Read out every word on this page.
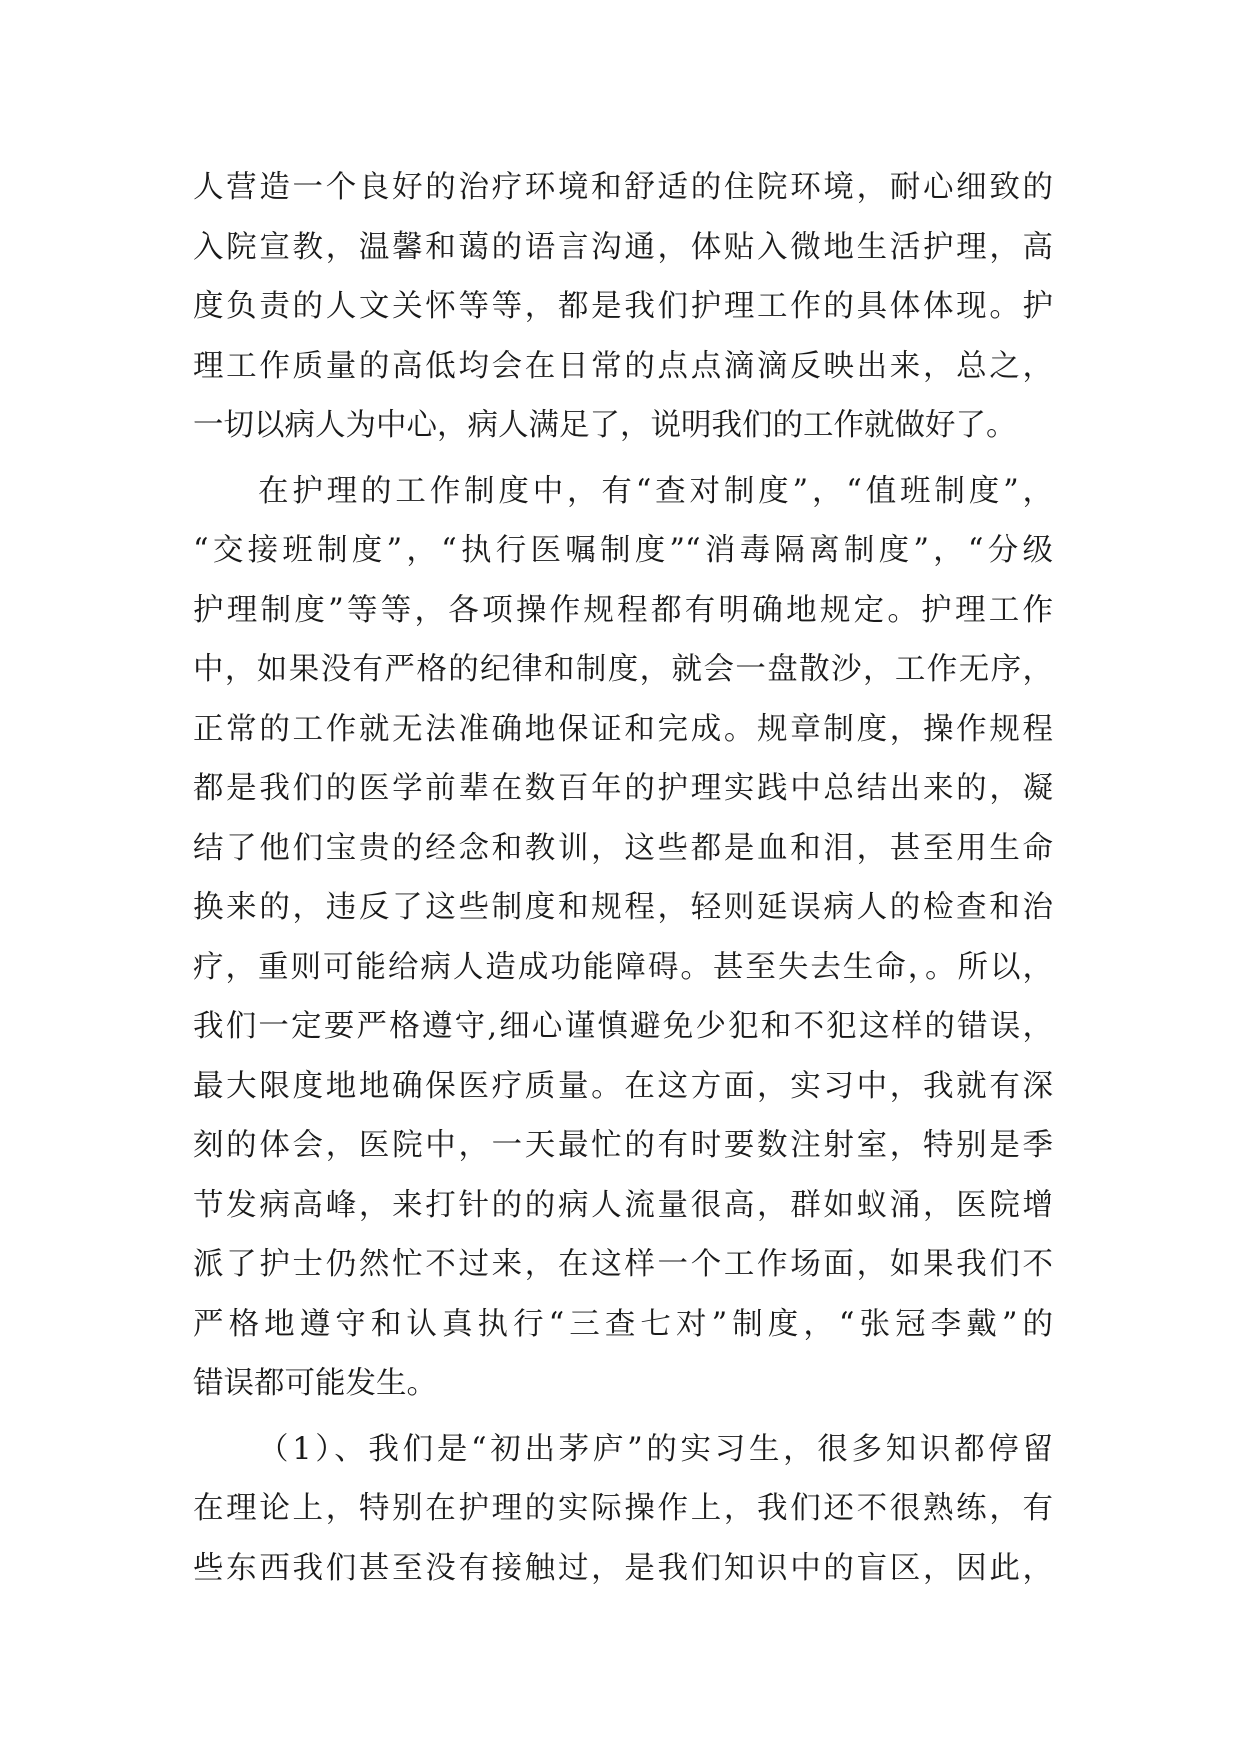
人营造一个良好的治疗环境和舒适的住院环境，耐心细致的
入院宣教，温馨和蔼的语言沟通，体贴入微地生活护理，高
度负责的人文关怀等等，都是我们护理工作的具体体现。护
理工作质量的高低均会在日常的点点滴滴反映出来，总之，
一切以病人为中心，病人满足了，说明我们的工作就做好了。
在护理的工作制度中，有“查对制度”，“值班制度”，
“交接班制度”，“执行医嘱制度”“消毒隔离制度”，“分级
护理制度”等等，各项操作规程都有明确地规定。护理工作
中，如果没有严格的纪律和制度，就会一盘散沙，工作无序，
正常的工作就无法准确地保证和完成。规章制度，操作规程
都是我们的医学前辈在数百年的护理实践中总结出来的，凝
结了他们宝贵的经念和教训，这些都是血和泪，甚至用生命
换来的，违反了这些制度和规程，轻则延误病人的检查和治
疗，重则可能给病人造成功能障碍。甚至失去生命，。所以，
我们一定要严格遵守,细心谨慎避免少犯和不犯这样的错误，
最大限度地地确保医疗质量。在这方面，实习中，我就有深
刻的体会，医院中，一天最忙的有时要数注射室，特别是季
节发病高峰，来打针的的病人流量很高，群如蚁涌，医院增
派了护士仍然忙不过来，在这样一个工作场面，如果我们不
严格地遵守和认真执行“三查七对”制度，“张冠李戴”的
错误都可能发生。
（1）、我们是“初出茅庐”的实习生，很多知识都停留
在理论上，特别在护理的实际操作上，我们还不很熟练，有
些东西我们甚至没有接触过，是我们知识中的盲区，因此，
